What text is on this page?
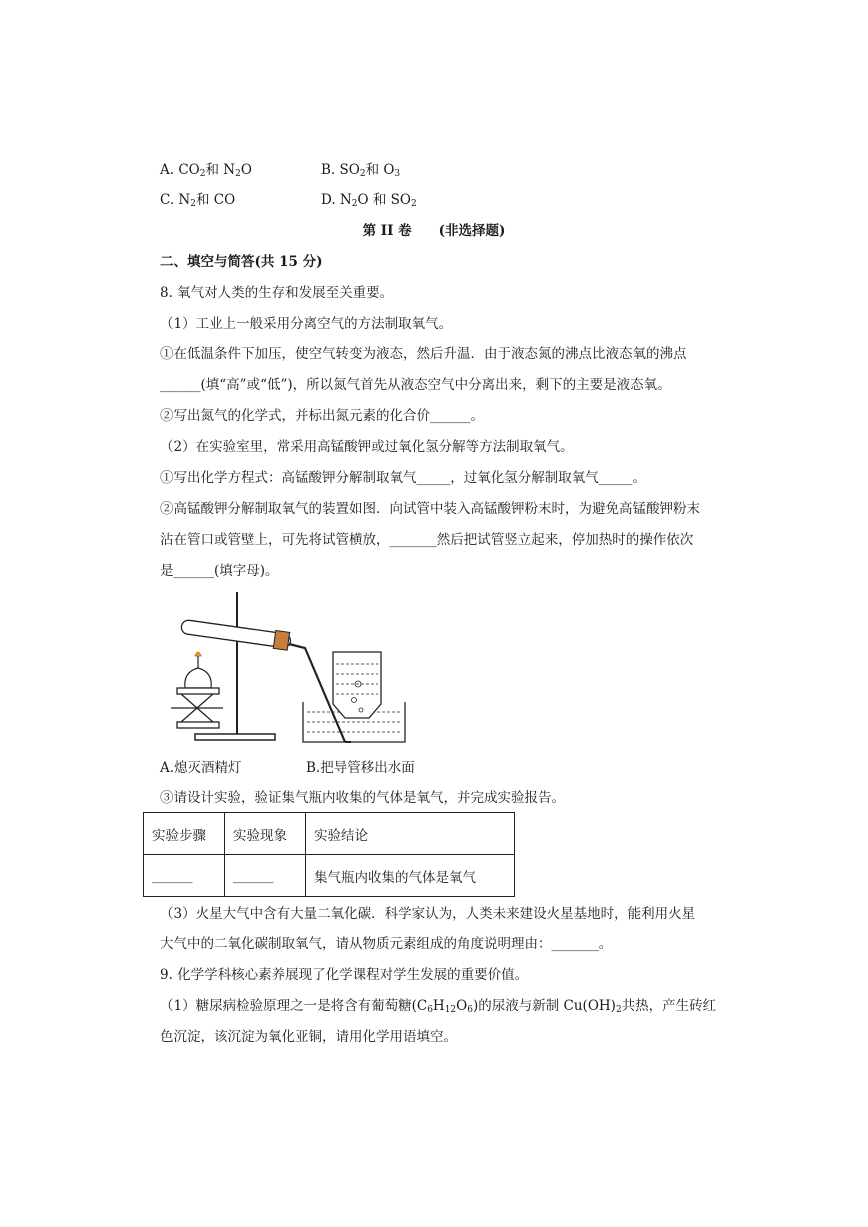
A. $CO_2$和 $N_2O$	B. $SO_2$和 $O_3$
C. $N_2$和 CO	D. $N_2O$ 和 $SO_2$
第 II 卷　　(非选择题)
二、填空与简答(共 15 分)
8. 氧气对人类的生存和发展至关重要。
（1）工业上一般采用分离空气的方法制取氧气。
①在低温条件下加压，使空气转变为液态，然后升温．由于液态氮的沸点比液态氧的沸点
______(填“高”或“低”)，所以氮气首先从液态空气中分离出来，剩下的主要是液态氧。
②写出氮气的化学式，并标出氮元素的化合价______。
（2）在实验室里，常采用高锰酸钾或过氧化氢分解等方法制取氧气。
①写出化学方程式：高锰酸钾分解制取氧气_____，过氧化氢分解制取氧气_____。
②高锰酸钾分解制取氧气的装置如图．向试管中装入高锰酸钾粉末时，为避免高锰酸钾粉末
沾在管口或管壁上，可先将试管横放，_______然后把试管竖立起来，停加热时的操作依次
是______(填字母)。
A.熄灭酒精灯	B.把导管移出水面
③请设计实验，验证集气瓶内收集的气体是氧气，并完成实验报告。
实验步骤	实验现象	实验结论
______	______	集气瓶内收集的气体是氧气
（3）火星大气中含有大量二氧化碳．科学家认为，人类未来建设火星基地时，能利用火星
大气中的二氧化碳制取氧气，请从物质元素组成的角度说明理由：_______。
9. 化学学科核心素养展现了化学课程对学生发展的重要价值。
（1）糖尿病检验原理之一是将含有葡萄糖$(C_6H_{12}O_6)$的尿液与新制 $Cu(OH)_2$共热，产生砖红
色沉淀，该沉淀为氧化亚铜，请用化学用语填空。
